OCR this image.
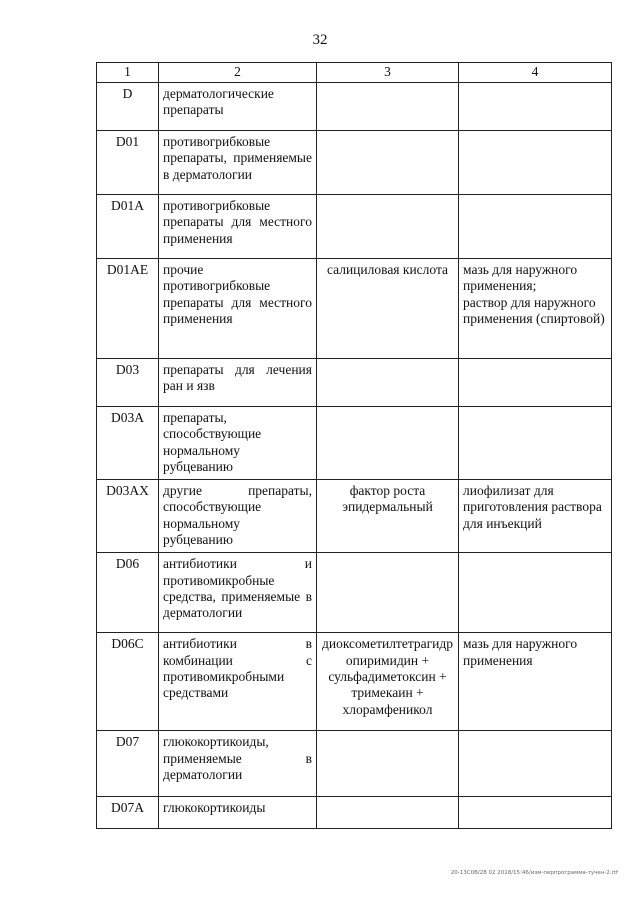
32
1	2	3	4
D	дерматологические препараты		
D01	противогрибковые препараты, применяемые в дерматологии		
D01A	противогрибковые препараты для местного применения		
D01AE	прочие противогрибковые препараты для местного применения	салициловая кислота	мазь для наружного применения;
раствор для наружного применения (спиртовой)
D03	препараты для лечения ран и язв		
D03A	препараты, способствующие нормальному рубцеванию		
D03AX	другие препараты, способствующие нормальному рубцеванию	фактор роста эпидермальный	лиофилизат для приготовления раствора для инъекций
D06	антибиотики и противомикробные средства, применяемые в дерматологии		
D06C	антибиотики в комбинации с противомикробными средствами	диоксометилтетрагидропиримидин + сульфадиметоксин + тримекаин + хлорамфеникол	мазь для наружного применения
D07	глюкокортикоиды, применяемые в дерматологии		
D07A	глюкокортикоиды		
20-13C0B/28 02 2018/15:46/изм-перпрограмма-тучен-2.rtf
